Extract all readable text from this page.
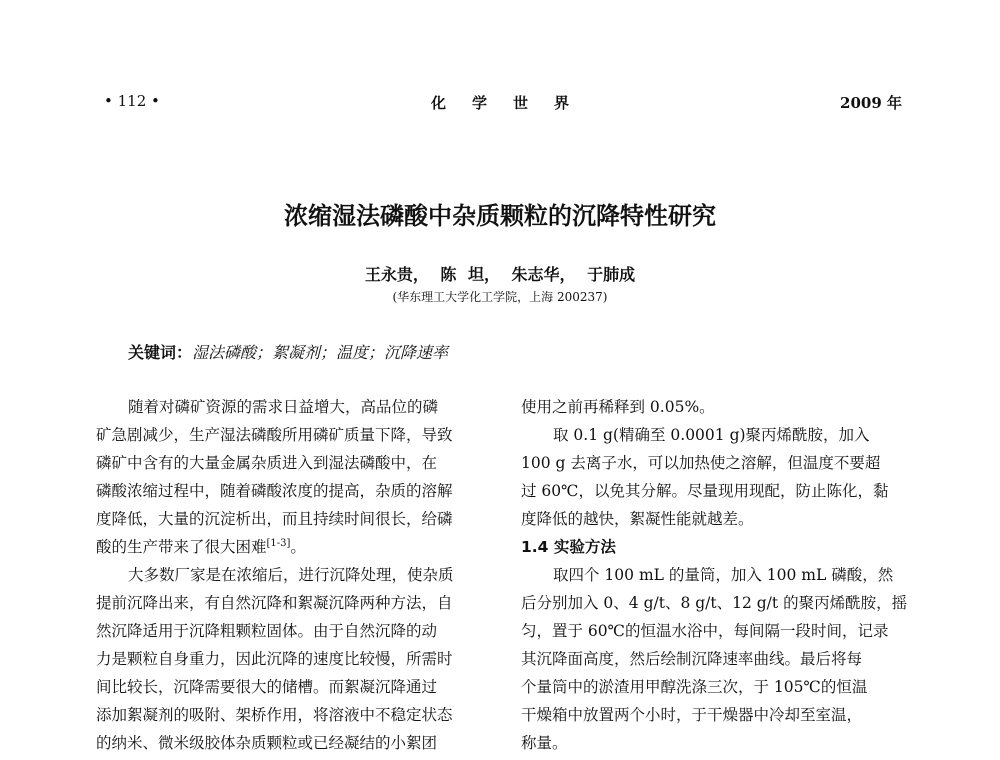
• 112 •	化学世界	2009 年
浓缩湿法磷酸中杂质颗粒的沉降特性研究
王永贵， 陈 坦， 朱志华， 于肺成
(华东理工大学化工学院，上海 200237)
关键词：湿法磷酸；絮凝剂；温度；沉降速率

随着对磷矿资源的需求日益增大，高品位的磷
矿急剧减少，生产湿法磷酸所用磷矿质量下降，导致
磷矿中含有的大量金属杂质进入到湿法磷酸中，在
磷酸浓缩过程中，随着磷酸浓度的提高，杂质的溶解
度降低，大量的沉淀析出，而且持续时间很长，给磷
酸的生产带来了很大困难[1-3]。

大多数厂家是在浓缩后，进行沉降处理，使杂质
提前沉降出来，有自然沉降和絮凝沉降两种方法，自
然沉降适用于沉降粗颗粒固体。由于自然沉降的动
力是颗粒自身重力，因此沉降的速度比较慢，所需时
间比较长，沉降需要很大的储槽。而絮凝沉降通过
添加絮凝剂的吸附、架桥作用，将溶液中不稳定状态
的纳米、微米级胶体杂质颗粒或已经凝结的小絮团

使用之前再稀释到 0.05%。

取 0.1 g(精确至 0.0001 g)聚丙烯酰胺，加入
100 g 去离子水，可以加热使之溶解，但温度不要超
过 60℃，以免其分解。尽量现用现配，防止陈化，黏
度降低的越快，絮凝性能就越差。

1.4 实验方法

取四个 100 mL 的量筒，加入 100 mL 磷酸，然
后分别加入 0、4 g/t、8 g/t、12 g/t 的聚丙烯酰胺，摇
匀，置于 60℃的恒温水浴中，每间隔一段时间，记录
其沉降面高度，然后绘制沉降速率曲线。最后将每
个量筒中的淤渣用甲醇洗涤三次，于 105℃的恒温
干燥箱中放置两个小时，于干燥器中冷却至室温，
称量。
